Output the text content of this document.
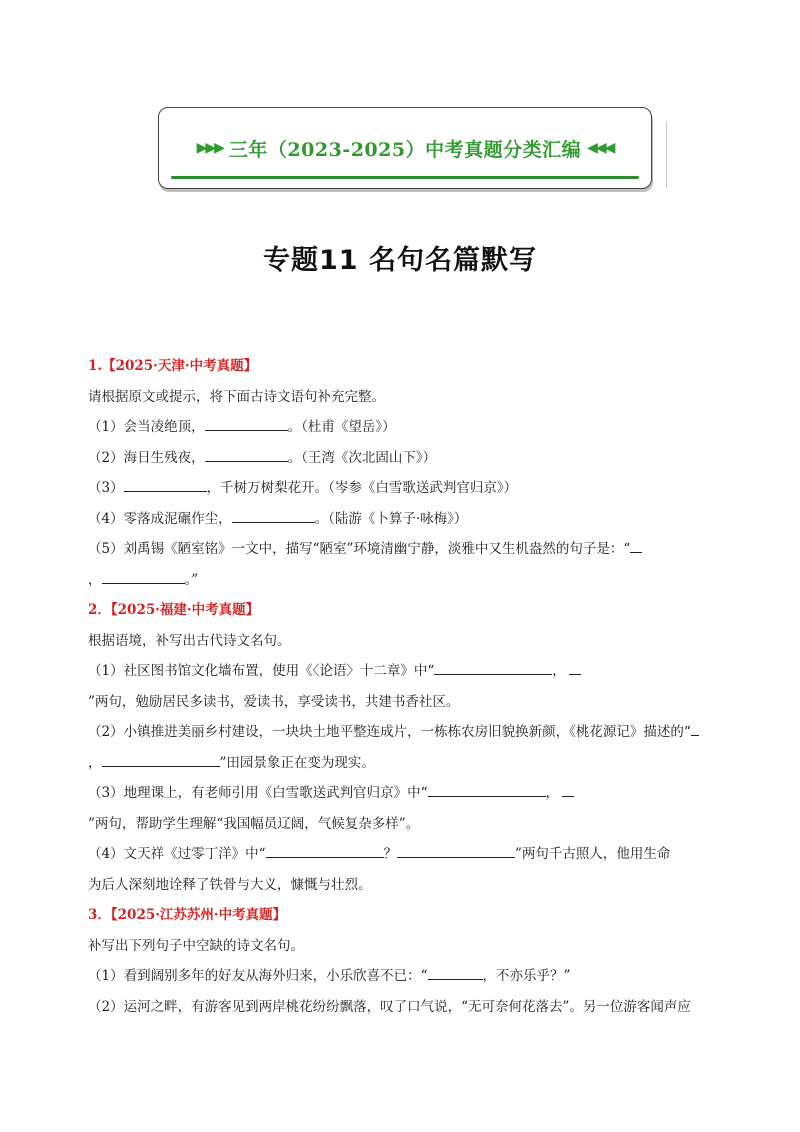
▶▶▶ 三年（2023-2025）中考真题分类汇编 ◀◀◀
专题11 名句名篇默写
1.【2025·天津·中考真题】
请根据原文或提示，将下面古诗文语句补充完整。
（1）会当凌绝顶，	。（杜甫《望岳》）
（2）海日生残夜，	。（王湾《次北固山下》）
（3）	，千树万树梨花开。（岑参《白雪歌送武判官归京》）
（4）零落成泥碾作尘，	。（陆游《卜算子·咏梅》）
（5）刘禹锡《陋室铭》一文中，描写“陋室”环境清幽宁静，淡雅中又生机盎然的句子是：“
，	。”
2．【2025·福建·中考真题】
根据语境，补写出古代诗文名句。
（1）社区图书馆文化墙布置，使用《〈论语〉十二章》中“	，
”两句，勉励居民多读书，爱读书，享受读书，共建书香社区。
（2）小镇推进美丽乡村建设，一块块土地平整连成片，一栋栋农房旧貌换新颜，《桃花源记》描述的“
，	”田园景象正在变为现实。
（3）地理课上，有老师引用《白雪歌送武判官归京》中“	，
”两句，帮助学生理解“我国幅员辽阔，气候复杂多样”。
（4）文天祥《过零丁洋》中“	？	”两句千古照人，他用生命
为后人深刻地诠释了铁骨与大义，慷慨与壮烈。
3．【2025·江苏苏州·中考真题】
补写出下列句子中空缺的诗文名句。
（1）看到阔别多年的好友从海外归来，小乐欣喜不已：“	，不亦乐乎？”
（2）运河之畔，有游客见到两岸桃花纷纷飘落，叹了口气说，“无可奈何花落去”。另一位游客闻声应
